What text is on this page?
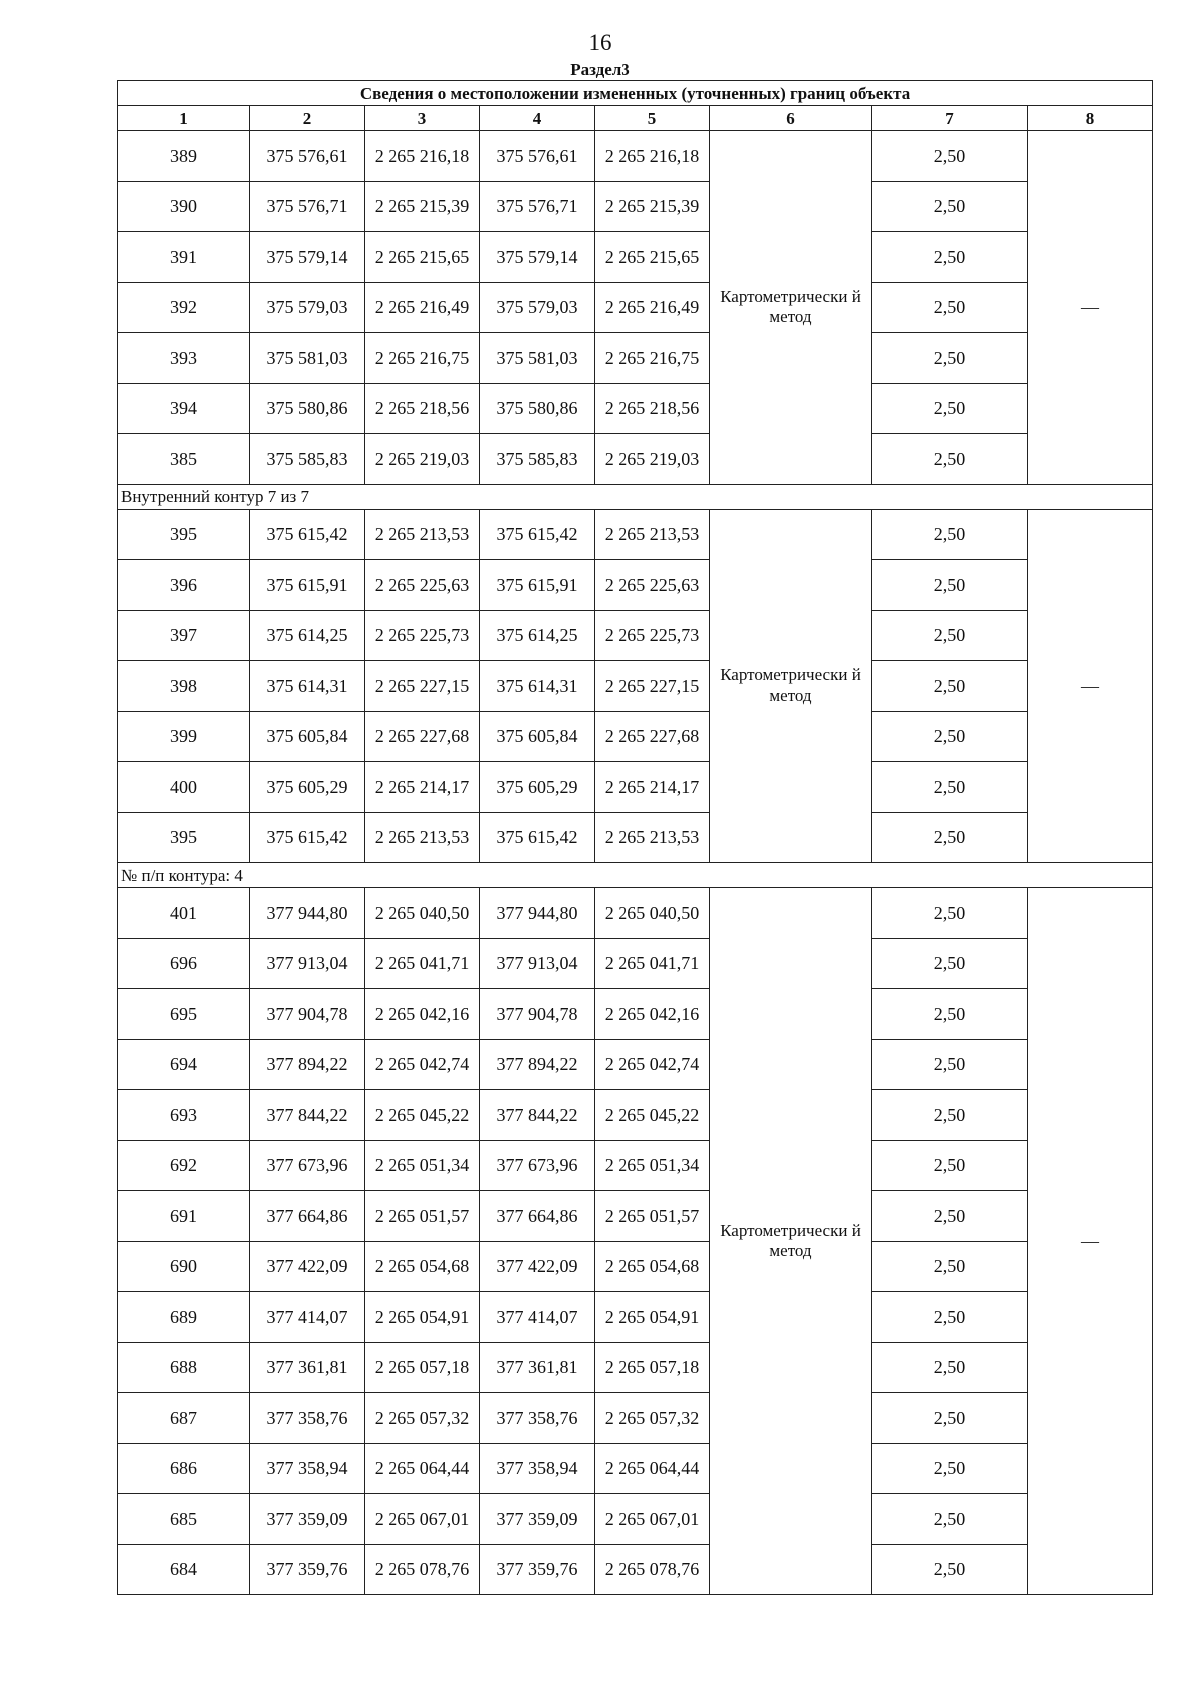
16
Раздел3
Сведения о местоположении измененных (уточненных) границ объекта							
1	2	3	4	5	6	7	8
389	375 576,61	2 265 216,18	375 576,61	2 265 216,18	Картометрически й метод	2,50	—
390	375 576,71	2 265 215,39	375 576,71	2 265 215,39		2,50	
391	375 579,14	2 265 215,65	375 579,14	2 265 215,65		2,50	
392	375 579,03	2 265 216,49	375 579,03	2 265 216,49		2,50	
393	375 581,03	2 265 216,75	375 581,03	2 265 216,75		2,50	
394	375 580,86	2 265 218,56	375 580,86	2 265 218,56		2,50	
385	375 585,83	2 265 219,03	375 585,83	2 265 219,03		2,50	
Внутренний контур 7 из 7							
395	375 615,42	2 265 213,53	375 615,42	2 265 213,53	Картометрически й метод	2,50	—
396	375 615,91	2 265 225,63	375 615,91	2 265 225,63		2,50	
397	375 614,25	2 265 225,73	375 614,25	2 265 225,73		2,50	
398	375 614,31	2 265 227,15	375 614,31	2 265 227,15		2,50	
399	375 605,84	2 265 227,68	375 605,84	2 265 227,68		2,50	
400	375 605,29	2 265 214,17	375 605,29	2 265 214,17		2,50	
395	375 615,42	2 265 213,53	375 615,42	2 265 213,53		2,50	
№ п/п контура: 4							
401	377 944,80	2 265 040,50	377 944,80	2 265 040,50	Картометрически й метод	2,50	—
696	377 913,04	2 265 041,71	377 913,04	2 265 041,71		2,50	
695	377 904,78	2 265 042,16	377 904,78	2 265 042,16		2,50	
694	377 894,22	2 265 042,74	377 894,22	2 265 042,74		2,50	
693	377 844,22	2 265 045,22	377 844,22	2 265 045,22		2,50	
692	377 673,96	2 265 051,34	377 673,96	2 265 051,34		2,50	
691	377 664,86	2 265 051,57	377 664,86	2 265 051,57		2,50	
690	377 422,09	2 265 054,68	377 422,09	2 265 054,68		2,50	
689	377 414,07	2 265 054,91	377 414,07	2 265 054,91		2,50	
688	377 361,81	2 265 057,18	377 361,81	2 265 057,18		2,50	
687	377 358,76	2 265 057,32	377 358,76	2 265 057,32		2,50	
686	377 358,94	2 265 064,44	377 358,94	2 265 064,44		2,50	
685	377 359,09	2 265 067,01	377 359,09	2 265 067,01		2,50	
684	377 359,76	2 265 078,76	377 359,76	2 265 078,76		2,50	
